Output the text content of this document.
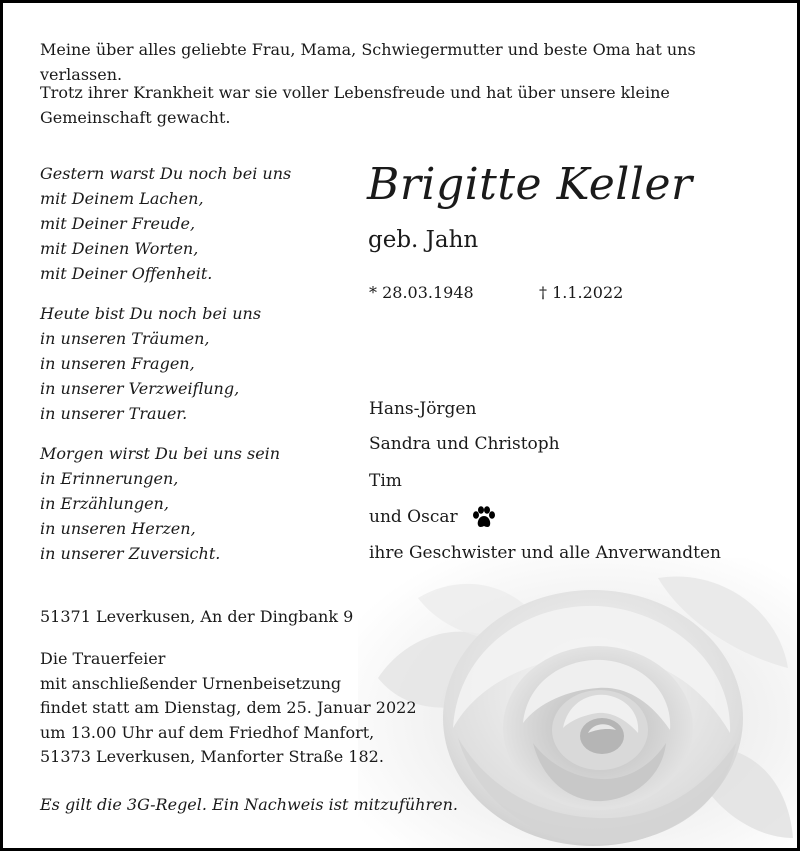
Meine über alles geliebte Frau, Mama, Schwiegermutter und beste Oma hat uns verlassen.
Trotz ihrer Krankheit war sie voller Lebensfreude und hat über unsere kleine Gemeinschaft gewacht.
Gestern warst Du noch bei uns
mit Deinem Lachen,
mit Deiner Freude,
mit Deinen Worten,
mit Deiner Offenheit.
Heute bist Du noch bei uns
in unseren Träumen,
in unseren Fragen,
in unserer Verzweiflung,
in unserer Trauer.
Morgen wirst Du bei uns sein
in Erinnerungen,
in Erzählungen,
in unseren Herzen,
in unserer Zuversicht.
Brigitte Keller
geb. Jahn
* 28.03.1948	† 1.1.2022
Hans-Jörgen
Sandra und Christoph
Tim
und Oscar
ihre Geschwister und alle Anverwandten
51371 Leverkusen, An der Dingbank 9
Die Trauerfeier
mit anschließender Urnenbeisetzung
findet statt am Dienstag, dem 25. Januar 2022
um 13.00 Uhr auf dem Friedhof Manfort,
51373 Leverkusen, Manforter Straße 182.
Es gilt die 3G-Regel. Ein Nachweis ist mitzuführen.
